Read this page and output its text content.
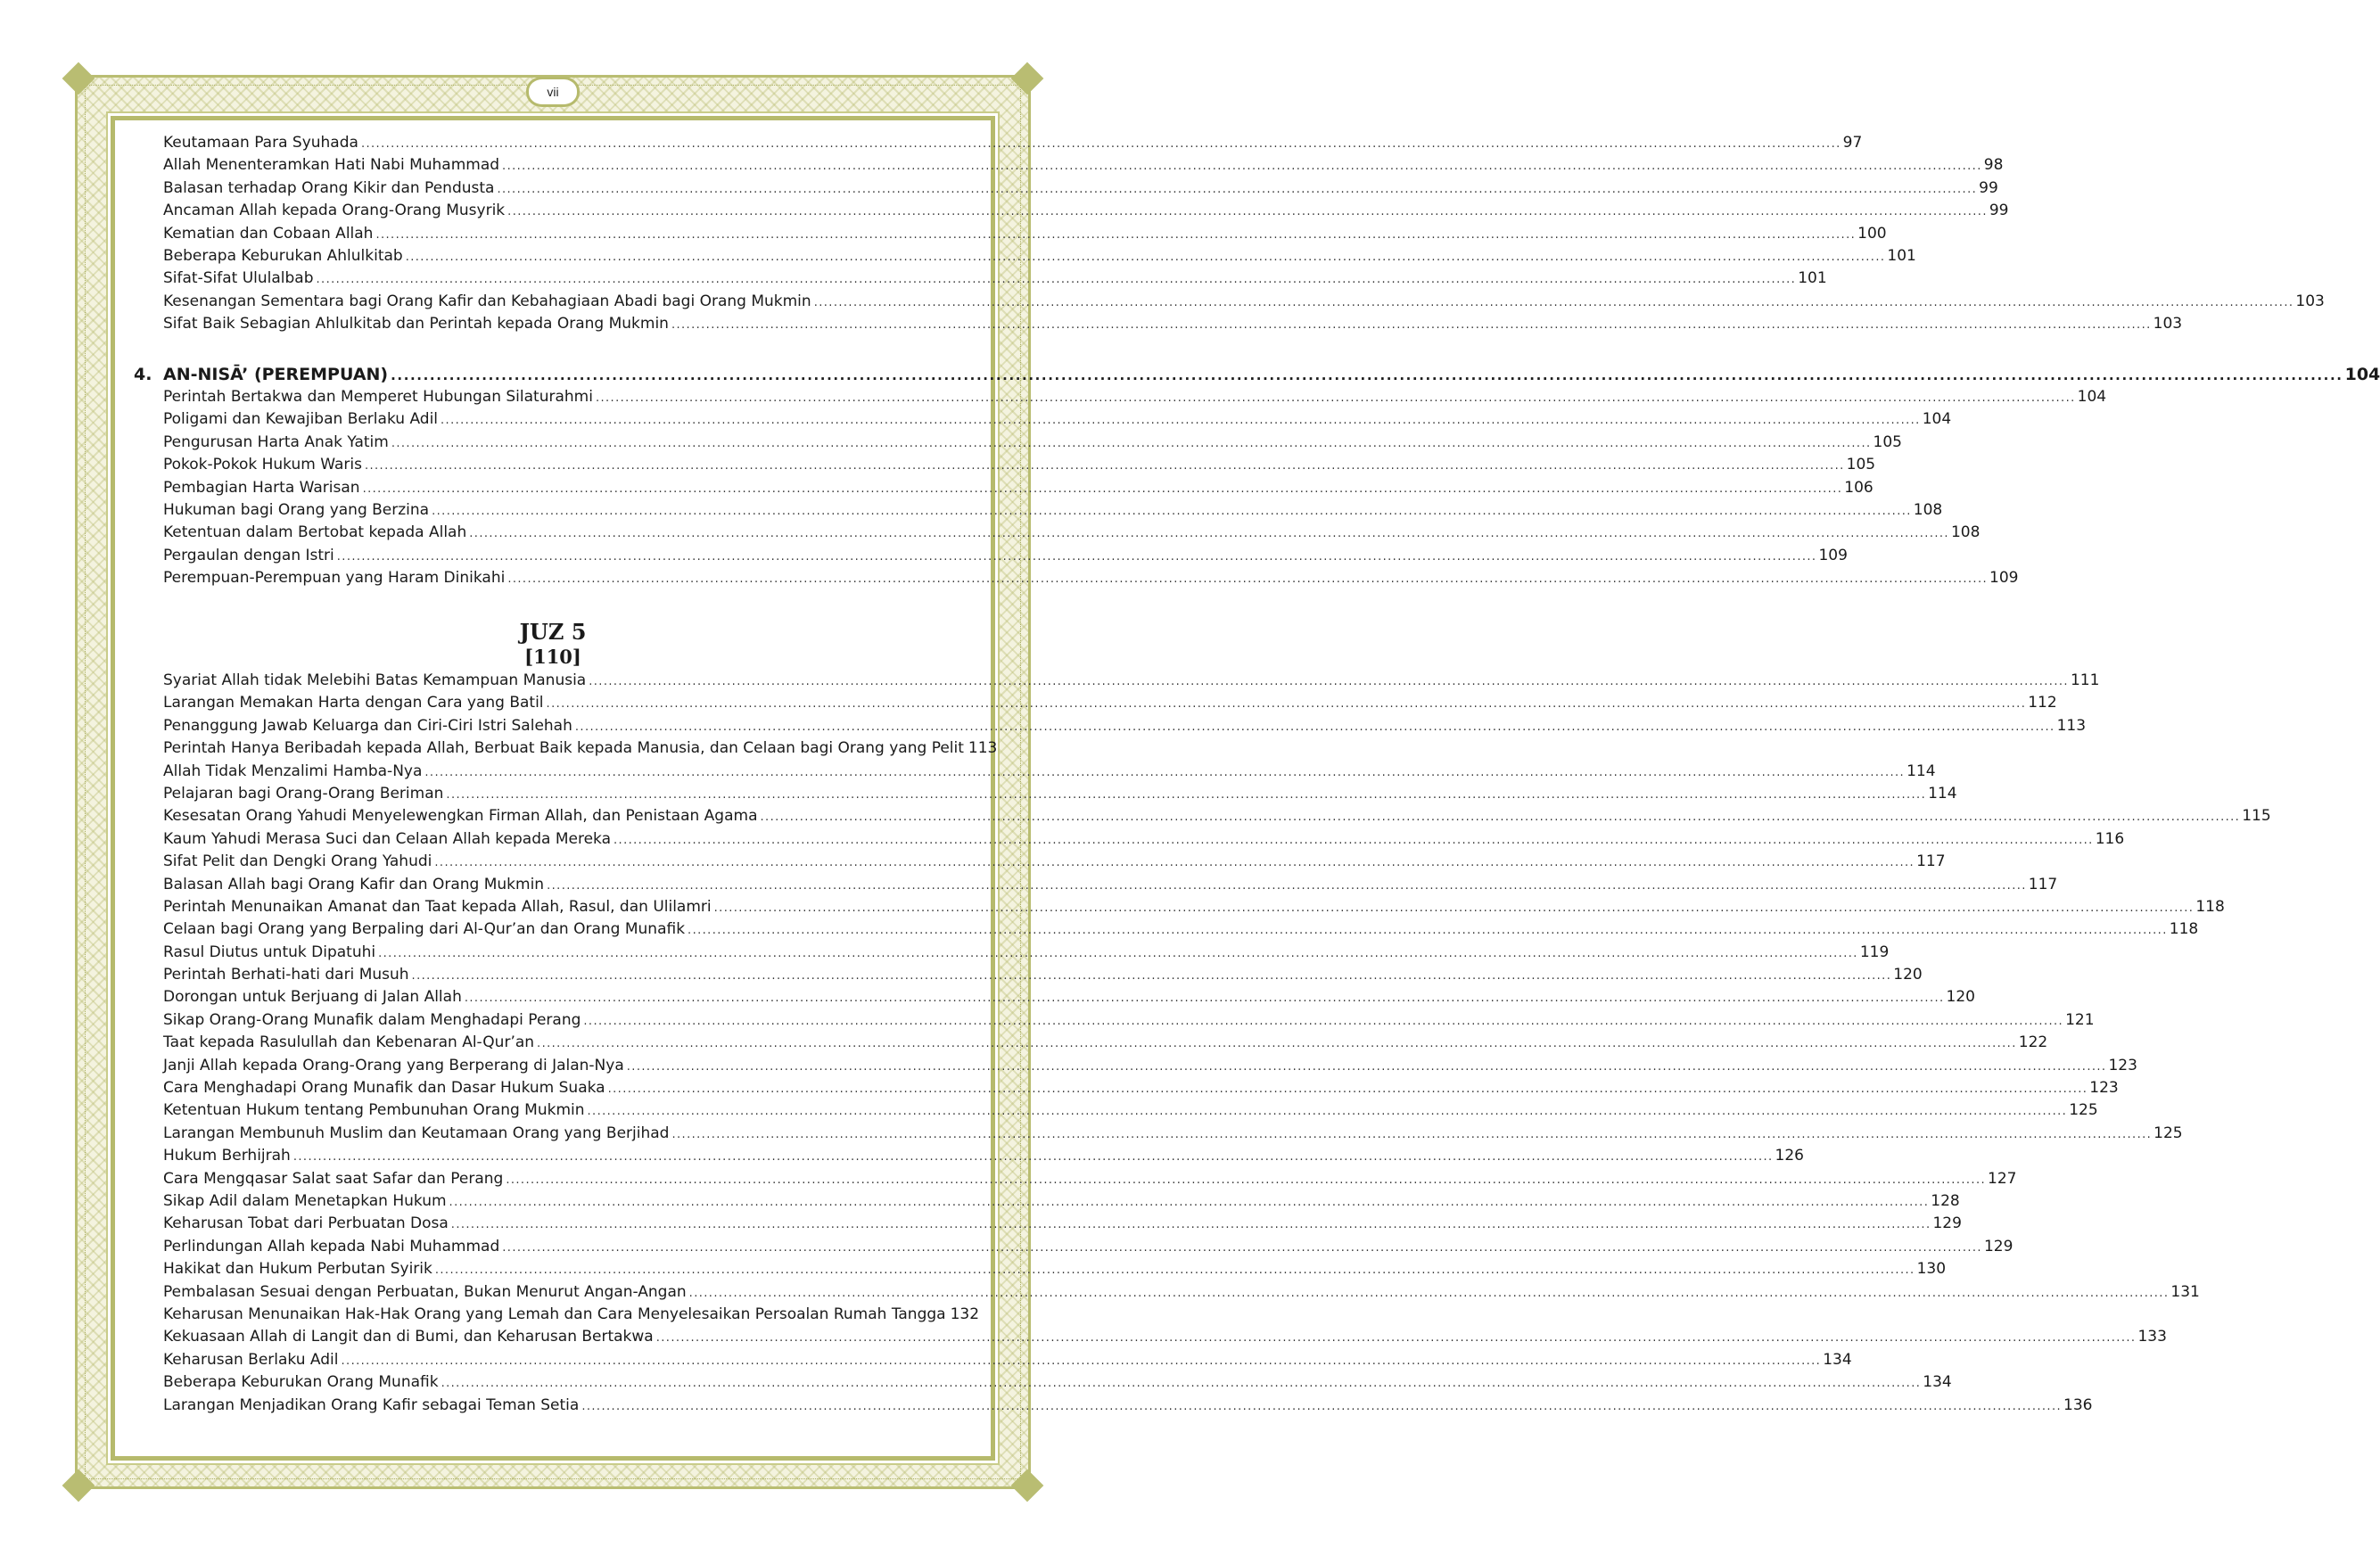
vii
Keutamaan Para Syuhada ............................................................................................................................................................................................................................................................................................................ 97
Allah Menenteramkan Hati Nabi Muhammad ............................................................................................................................................................................................................................................................................................................ 98
Balasan terhadap Orang Kikir dan Pendusta ............................................................................................................................................................................................................................................................................................................ 99
Ancaman Allah kepada Orang-Orang Musyrik ............................................................................................................................................................................................................................................................................................................ 99
Kematian dan Cobaan Allah ............................................................................................................................................................................................................................................................................................................ 100
Beberapa Keburukan Ahlulkitab ............................................................................................................................................................................................................................................................................................................ 101
Sifat-Sifat Ululalbab ............................................................................................................................................................................................................................................................................................................ 101
Kesenangan Sementara bagi Orang Kafir dan Kebahagiaan Abadi bagi Orang Mukmin ............................................................................................................................................................................................................................................................................................................ 103
Sifat Baik Sebagian Ahlulkitab dan Perintah kepada Orang Mukmin ............................................................................................................................................................................................................................................................................................................ 103
4. AN-NISĀ’ (PEREMPUAN) ............................................................................................................................................................................................................................................................................................................ 104
Perintah Bertakwa dan Memperet Hubungan Silaturahmi ............................................................................................................................................................................................................................................................................................................ 104
Poligami dan Kewajiban Berlaku Adil ............................................................................................................................................................................................................................................................................................................ 104
Pengurusan Harta Anak Yatim ............................................................................................................................................................................................................................................................................................................ 105
Pokok-Pokok Hukum Waris ............................................................................................................................................................................................................................................................................................................ 105
Pembagian Harta Warisan ............................................................................................................................................................................................................................................................................................................ 106
Hukuman bagi Orang yang Berzina ............................................................................................................................................................................................................................................................................................................ 108
Ketentuan dalam Bertobat kepada Allah ............................................................................................................................................................................................................................................................................................................ 108
Pergaulan dengan Istri ............................................................................................................................................................................................................................................................................................................ 109
Perempuan-Perempuan yang Haram Dinikahi ............................................................................................................................................................................................................................................................................................................ 109
JUZ 5
[110]
Syariat Allah tidak Melebihi Batas Kemampuan Manusia ............................................................................................................................................................................................................................................................................................................ 111
Larangan Memakan Harta dengan Cara yang Batil ............................................................................................................................................................................................................................................................................................................ 112
Penanggung Jawab Keluarga dan Ciri-Ciri Istri Salehah ............................................................................................................................................................................................................................................................................................................ 113
Perintah Hanya Beribadah kepada Allah, Berbuat Baik kepada Manusia, dan Celaan bagi Orang yang Pelit 113
Allah Tidak Menzalimi Hamba-Nya ............................................................................................................................................................................................................................................................................................................ 114
Pelajaran bagi Orang-Orang Beriman ............................................................................................................................................................................................................................................................................................................ 114
Kesesatan Orang Yahudi Menyelewengkan Firman Allah, dan Penistaan Agama ............................................................................................................................................................................................................................................................................................................ 115
Kaum Yahudi Merasa Suci dan Celaan Allah kepada Mereka ............................................................................................................................................................................................................................................................................................................ 116
Sifat Pelit dan Dengki Orang Yahudi ............................................................................................................................................................................................................................................................................................................ 117
Balasan Allah bagi Orang Kafir dan Orang Mukmin ............................................................................................................................................................................................................................................................................................................ 117
Perintah Menunaikan Amanat dan Taat kepada Allah, Rasul, dan Ulilamri ............................................................................................................................................................................................................................................................................................................ 118
Celaan bagi Orang yang Berpaling dari Al-Qur’an dan Orang Munafik ............................................................................................................................................................................................................................................................................................................ 118
Rasul Diutus untuk Dipatuhi ............................................................................................................................................................................................................................................................................................................ 119
Perintah Berhati-hati dari Musuh ............................................................................................................................................................................................................................................................................................................ 120
Dorongan untuk Berjuang di Jalan Allah ............................................................................................................................................................................................................................................................................................................ 120
Sikap Orang-Orang Munafik dalam Menghadapi Perang ............................................................................................................................................................................................................................................................................................................ 121
Taat kepada Rasulullah dan Kebenaran Al-Qur’an ............................................................................................................................................................................................................................................................................................................ 122
Janji Allah kepada Orang-Orang yang Berperang di Jalan-Nya ............................................................................................................................................................................................................................................................................................................ 123
Cara Menghadapi Orang Munafik dan Dasar Hukum Suaka ............................................................................................................................................................................................................................................................................................................ 123
Ketentuan Hukum tentang Pembunuhan Orang Mukmin ............................................................................................................................................................................................................................................................................................................ 125
Larangan Membunuh Muslim dan Keutamaan Orang yang Berjihad ............................................................................................................................................................................................................................................................................................................ 125
Hukum Berhijrah ............................................................................................................................................................................................................................................................................................................ 126
Cara Mengqasar Salat saat Safar dan Perang ............................................................................................................................................................................................................................................................................................................ 127
Sikap Adil dalam Menetapkan Hukum ............................................................................................................................................................................................................................................................................................................ 128
Keharusan Tobat dari Perbuatan Dosa ............................................................................................................................................................................................................................................................................................................ 129
Perlindungan Allah kepada Nabi Muhammad ............................................................................................................................................................................................................................................................................................................ 129
Hakikat dan Hukum Perbutan Syirik ............................................................................................................................................................................................................................................................................................................ 130
Pembalasan Sesuai dengan Perbuatan, Bukan Menurut Angan-Angan ............................................................................................................................................................................................................................................................................................................ 131
Keharusan Menunaikan Hak-Hak Orang yang Lemah dan Cara Menyelesaikan Persoalan Rumah Tangga 132
Kekuasaan Allah di Langit dan di Bumi, dan Keharusan Bertakwa ............................................................................................................................................................................................................................................................................................................ 133
Keharusan Berlaku Adil ............................................................................................................................................................................................................................................................................................................ 134
Beberapa Keburukan Orang Munafik ............................................................................................................................................................................................................................................................................................................ 134
Larangan Menjadikan Orang Kafir sebagai Teman Setia ............................................................................................................................................................................................................................................................................................................ 136
